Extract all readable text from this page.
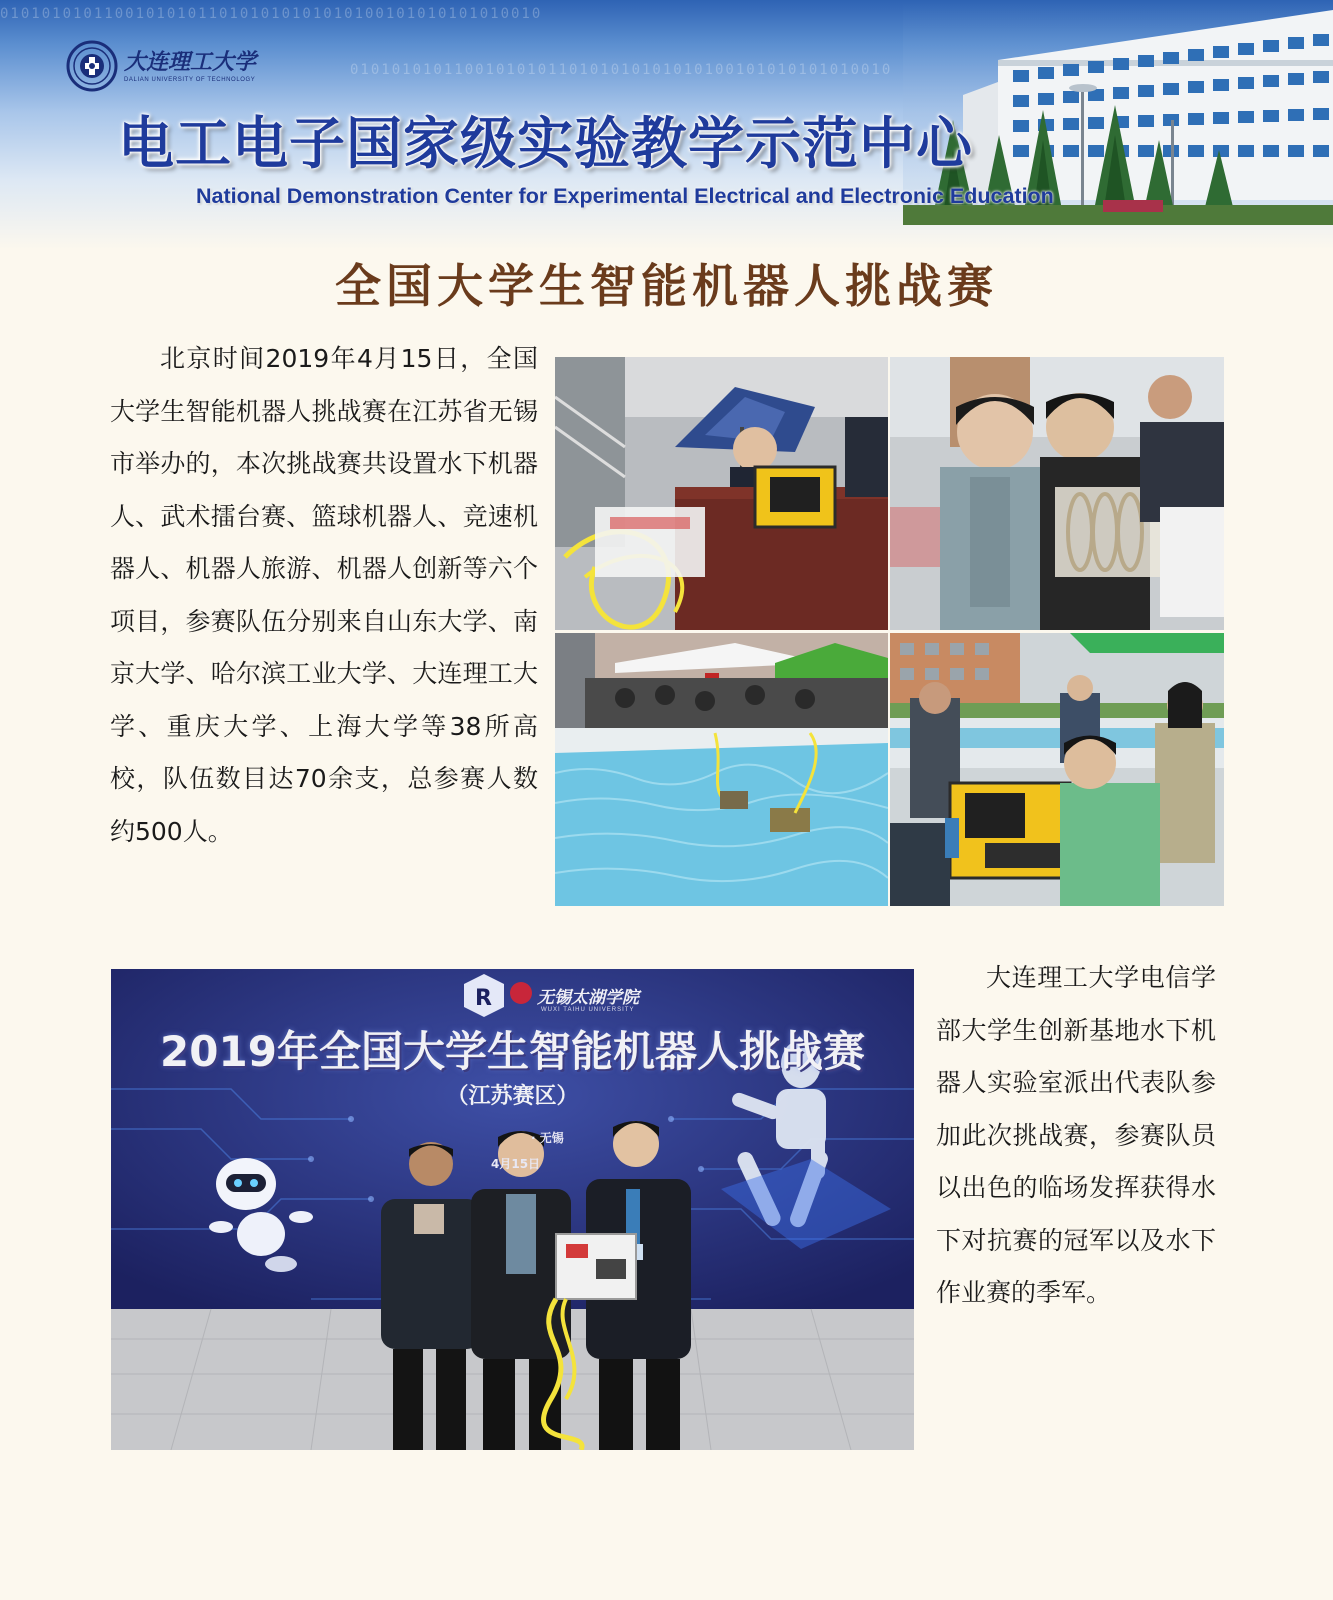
0101010101100101010110101010101010100101010101010010
0101010101100101010110101010101010100101010101010010
大连理工大学
DALIAN UNIVERSITY OF TECHNOLOGY
电工电子国家级实验教学示范中心
National Demonstration Center for Experimental Electrical and Electronic Education
全国大学生智能机器人挑战赛
北京时间2019年4月15日，全国大学生智能机器人挑战赛在江苏省无锡市举办的，本次挑战赛共设置水下机器人、武术擂台赛、篮球机器人、竞速机器人、机器人旅游、机器人创新等六个项目，参赛队伍分别来自山东大学、南京大学、哈尔滨工业大学、大连理工大学、重庆大学、上海大学等38所高校，队伍数目达70余支，总参赛人数约500人。
R	无锡太湖学院
WUXI TAIHU UNIVERSITY
2019年全国大学生智能机器人挑战赛
（江苏赛区）
· 无锡
4月15日
大连理工大学电信学部大学生创新基地水下机器人实验室派出代表队参加此次挑战赛，参赛队员以出色的临场发挥获得水下对抗赛的冠军以及水下作业赛的季军。
